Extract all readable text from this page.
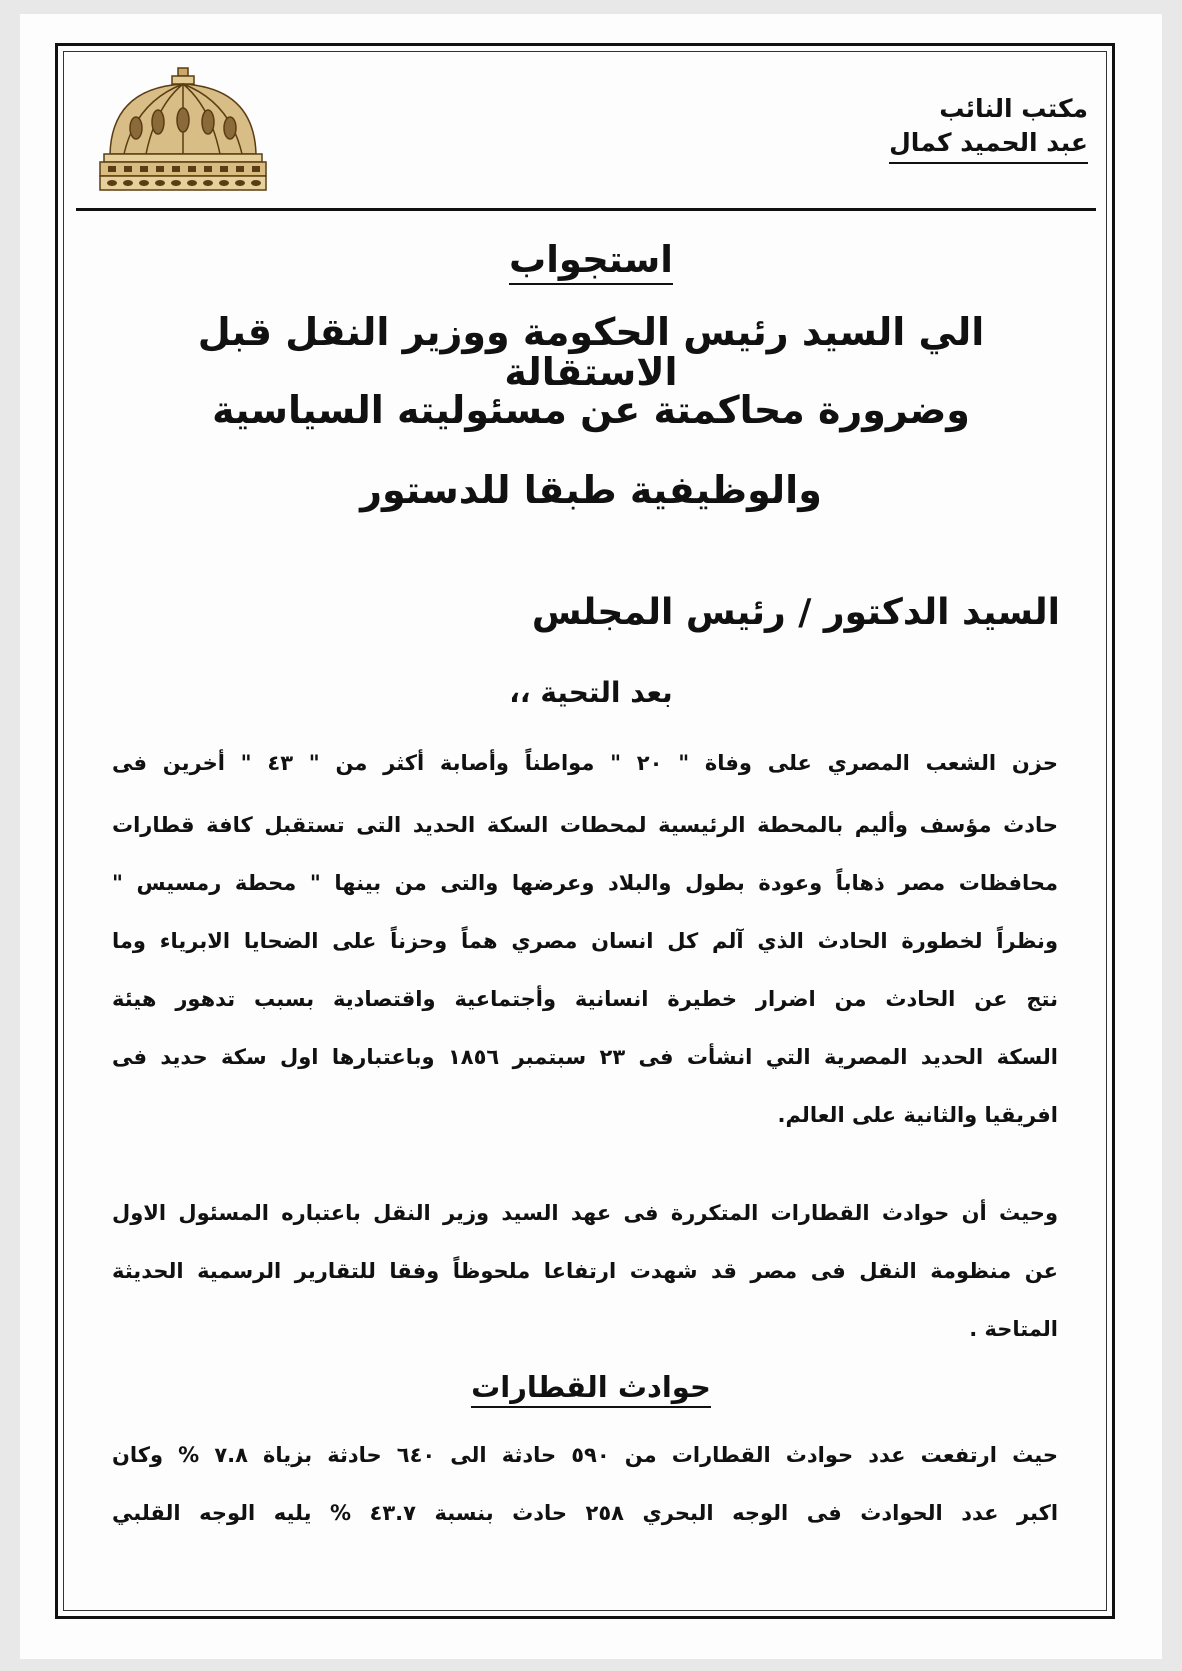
مكتب النائب
عبد الحميد كمال
استجواب
الي السيد رئيس الحكومة ووزير النقل قبل الاستقالة
وضرورة محاكمتة عن مسئوليته السياسية
والوظيفية طبقا للدستور
السيد الدكتور / رئيس المجلس
بعد التحية ،،
حزن الشعب المصري على وفاة " ٢٠ " مواطناً وأصابة أكثر من " ٤٣ " أخرين فى
حادث مؤسف وأليم بالمحطة الرئيسية لمحطات السكة الحديد التى تستقبل كافة قطارات
محافظات مصر ذهاباً وعودة بطول والبلاد وعرضها والتى من بينها " محطة رمسيس "
ونظراً لخطورة الحادث الذي آلم كل انسان مصري هماً وحزناً على الضحايا الابرياء وما
نتج عن الحادث من اضرار خطيرة انسانية وأجتماعية واقتصادية بسبب تدهور هيئة
السكة الحديد المصرية التي انشأت فى ٢٣ سبتمبر ١٨٥٦ وباعتبارها اول سكة حديد فى
افريقيا والثانية على العالم.
وحيث أن حوادث القطارات المتكررة فى عهد السيد وزير النقل باعتباره المسئول الاول
عن منظومة النقل فى مصر قد شهدت ارتفاعا ملحوظاً وفقا للتقارير الرسمية الحديثة
المتاحة .
حوادث القطارات
حيث ارتفعت عدد حوادث القطارات من ٥٩٠ حادثة الى ٦٤٠ حادثة بزياة ٧.٨ % وكان
اكبر عدد الحوادث فى الوجه البحري ٢٥٨ حادث بنسبة ٤٣.٧ % يليه الوجه القلبي
